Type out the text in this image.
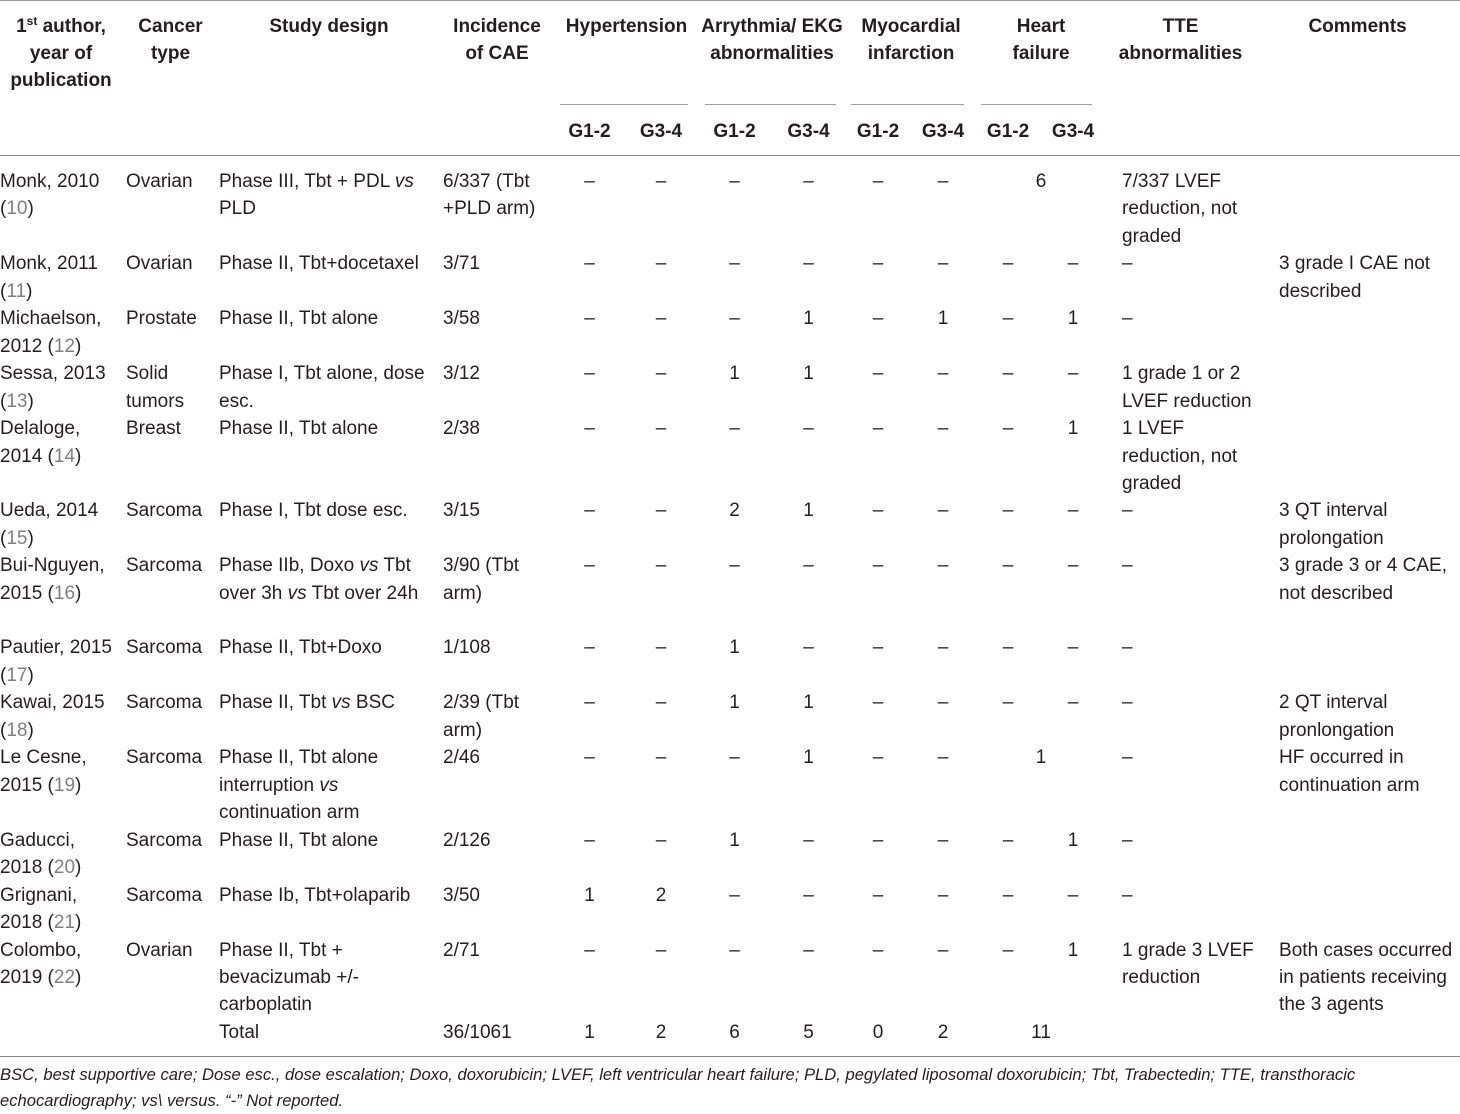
1st author, year of publication	Cancer type	Study design	Incidence of CAE	Hypertension		Arrythmia/ EKG abnormalities		Myocardial infarction		Heart failure		TTE abnormalities	Comments
				G1-2	G3-4	G1-2	G3-4	G1-2	G3-4	G1-2	G3-4		
Monk, 2010 (10)	Ovarian	Phase III, Tbt + PDL vs PLD	6/337 (Tbt +PLD arm)	–	–	–	–	–	–	6		7/337 LVEF reduction, not graded	
Monk, 2011 (11)	Ovarian	Phase II, Tbt+docetaxel	3/71	–	–	–	–	–	–	–	–	–	3 grade I CAE not described
Michaelson, 2012 (12)	Prostate	Phase II, Tbt alone	3/58	–	–	–	1	–	1	–	1	–	
Sessa, 2013 (13)	Solid tumors	Phase I, Tbt alone, dose esc.	3/12	–	–	1	1	–	–	–	–	1 grade 1 or 2 LVEF reduction	
Delaloge, 2014 (14)	Breast	Phase II, Tbt alone	2/38	–	–	–	–	–	–	–	1	1 LVEF reduction, not graded	
Ueda, 2014 (15)	Sarcoma	Phase I, Tbt dose esc.	3/15	–	–	2	1	–	–	–	–	–	3 QT interval prolongation
Bui-Nguyen, 2015 (16)	Sarcoma	Phase IIb, Doxo vs Tbt over 3h vs Tbt over 24h	3/90 (Tbt arm)	–	–	–	–	–	–	–	–	–	3 grade 3 or 4 CAE, not described
Pautier, 2015 (17)	Sarcoma	Phase II, Tbt+Doxo	1/108	–	–	1	–	–	–	–	–	–	
Kawai, 2015 (18)	Sarcoma	Phase II, Tbt vs BSC	2/39 (Tbt arm)	–	–	1	1	–	–	–	–	–	2 QT interval pronlongation
Le Cesne, 2015 (19)	Sarcoma	Phase II, Tbt alone interruption vs continuation arm	2/46	–	–	–	1	–	–	1		–	HF occurred in continuation arm
Gaducci, 2018 (20)	Sarcoma	Phase II, Tbt alone	2/126	–	–	1	–	–	–	–	1	–	
Grignani, 2018 (21)	Sarcoma	Phase Ib, Tbt+olaparib	3/50	1	2	–	–	–	–	–	–	–	
Colombo, 2019 (22)	Ovarian	Phase II, Tbt + bevacizumab +/- carboplatin	2/71	–	–	–	–	–	–	–	1	1 grade 3 LVEF reduction	Both cases occurred in patients receiving the 3 agents
		Total	36/1061	1	2	6	5	0	2	11			
BSC, best supportive care; Dose esc., dose escalation; Doxo, doxorubicin; LVEF, left ventricular heart failure; PLD, pegylated liposomal doxorubicin; Tbt, Trabectedin; TTE, transthoracic echocardiography; vs\ versus. “-” Not reported.
